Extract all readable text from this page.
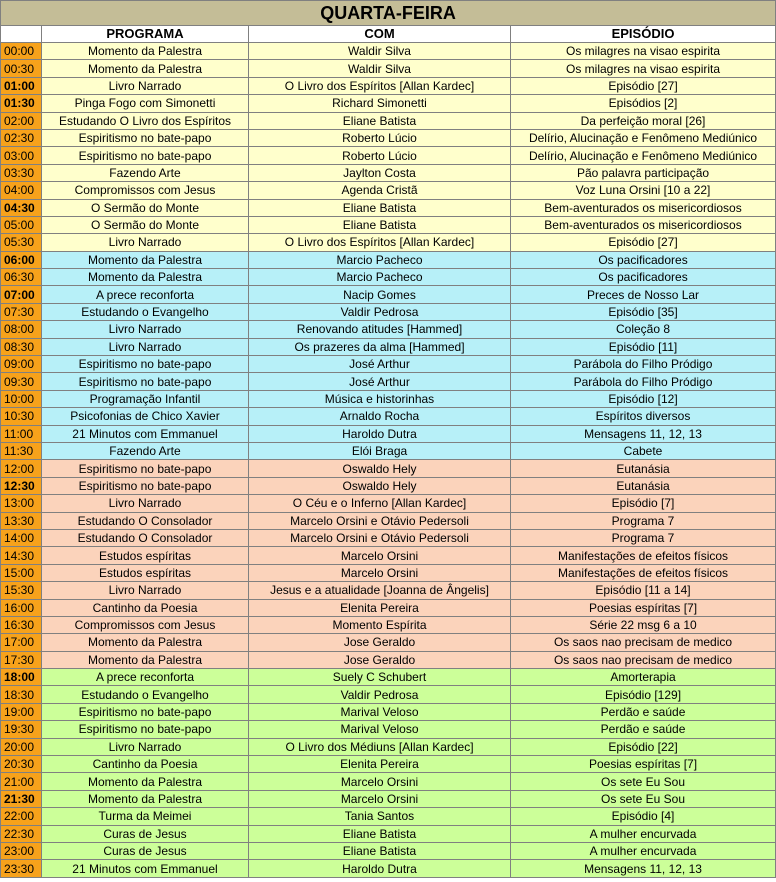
QUARTA-FEIRA			
	PROGRAMA	COM	EPISÓDIO
00:00	Momento da Palestra	Waldir Silva	Os milagres na visao espirita
00:30	Momento da Palestra	Waldir Silva	Os milagres na visao espirita
01:00	Livro Narrado	O Livro dos Espíritos [Allan Kardec]	Episódio [27]
01:30	Pinga Fogo com Simonetti	Richard Simonetti	Episódios [2]
02:00	Estudando O Livro dos Espíritos	Eliane Batista	Da perfeição moral [26]
02:30	Espiritismo no bate-papo	Roberto Lúcio	Delírio, Alucinação e Fenômeno Mediúnico
03:00	Espiritismo no bate-papo	Roberto Lúcio	Delírio, Alucinação e Fenômeno Mediúnico
03:30	Fazendo Arte	Jaylton Costa	Pão palavra participação
04:00	Compromissos com Jesus	Agenda Cristã	Voz Luna Orsini [10 a 22]
04:30	O Sermão do Monte	Eliane Batista	Bem-aventurados os misericordiosos
05:00	O Sermão do Monte	Eliane Batista	Bem-aventurados os misericordiosos
05:30	Livro Narrado	O Livro dos Espíritos [Allan Kardec]	Episódio [27]
06:00	Momento da Palestra	Marcio Pacheco	Os pacificadores
06:30	Momento da Palestra	Marcio Pacheco	Os pacificadores
07:00	A prece reconforta	Nacip Gomes	Preces de Nosso Lar
07:30	Estudando o Evangelho	Valdir Pedrosa	Episódio [35]
08:00	Livro Narrado	Renovando atitudes [Hammed]	Coleção 8
08:30	Livro Narrado	Os prazeres da alma [Hammed]	Episódio [11]
09:00	Espiritismo no bate-papo	José Arthur	Parábola do Filho Pródigo
09:30	Espiritismo no bate-papo	José Arthur	Parábola do Filho Pródigo
10:00	Programação Infantil	Música e historinhas	Episódio [12]
10:30	Psicofonias de Chico Xavier	Arnaldo Rocha	Espíritos diversos
11:00	21 Minutos com Emmanuel	Haroldo Dutra	Mensagens 11, 12, 13
11:30	Fazendo Arte	Elói Braga	Cabete
12:00	Espiritismo no bate-papo	Oswaldo Hely	Eutanásia
12:30	Espiritismo no bate-papo	Oswaldo Hely	Eutanásia
13:00	Livro Narrado	O Céu e o Inferno [Allan Kardec]	Episódio [7]
13:30	Estudando O Consolador	Marcelo Orsini e Otávio Pedersoli	Programa 7
14:00	Estudando O Consolador	Marcelo Orsini e Otávio Pedersoli	Programa 7
14:30	Estudos espíritas	Marcelo Orsini	Manifestações de efeitos físicos
15:00	Estudos espíritas	Marcelo Orsini	Manifestações de efeitos físicos
15:30	Livro Narrado	Jesus e a atualidade [Joanna de Ângelis]	Episódio [11 a 14]
16:00	Cantinho da Poesia	Elenita Pereira	Poesias espíritas [7]
16:30	Compromissos com Jesus	Momento Espírita	Série 22 msg 6 a 10
17:00	Momento da Palestra	Jose Geraldo	Os saos nao precisam de medico
17:30	Momento da Palestra	Jose Geraldo	Os saos nao precisam de medico
18:00	A prece reconforta	Suely C Schubert	Amorterapia
18:30	Estudando o Evangelho	Valdir Pedrosa	Episódio [129]
19:00	Espiritismo no bate-papo	Marival Veloso	Perdão e saúde
19:30	Espiritismo no bate-papo	Marival Veloso	Perdão e saúde
20:00	Livro Narrado	O Livro dos Médiuns [Allan Kardec]	Episódio [22]
20:30	Cantinho da Poesia	Elenita Pereira	Poesias espíritas [7]
21:00	Momento da Palestra	Marcelo Orsini	Os sete Eu Sou
21:30	Momento da Palestra	Marcelo Orsini	Os sete Eu Sou
22:00	Turma da Meimei	Tania Santos	Episódio [4]
22:30	Curas de Jesus	Eliane Batista	A mulher encurvada
23:00	Curas de Jesus	Eliane Batista	A mulher encurvada
23:30	21 Minutos com Emmanuel	Haroldo Dutra	Mensagens 11, 12, 13
